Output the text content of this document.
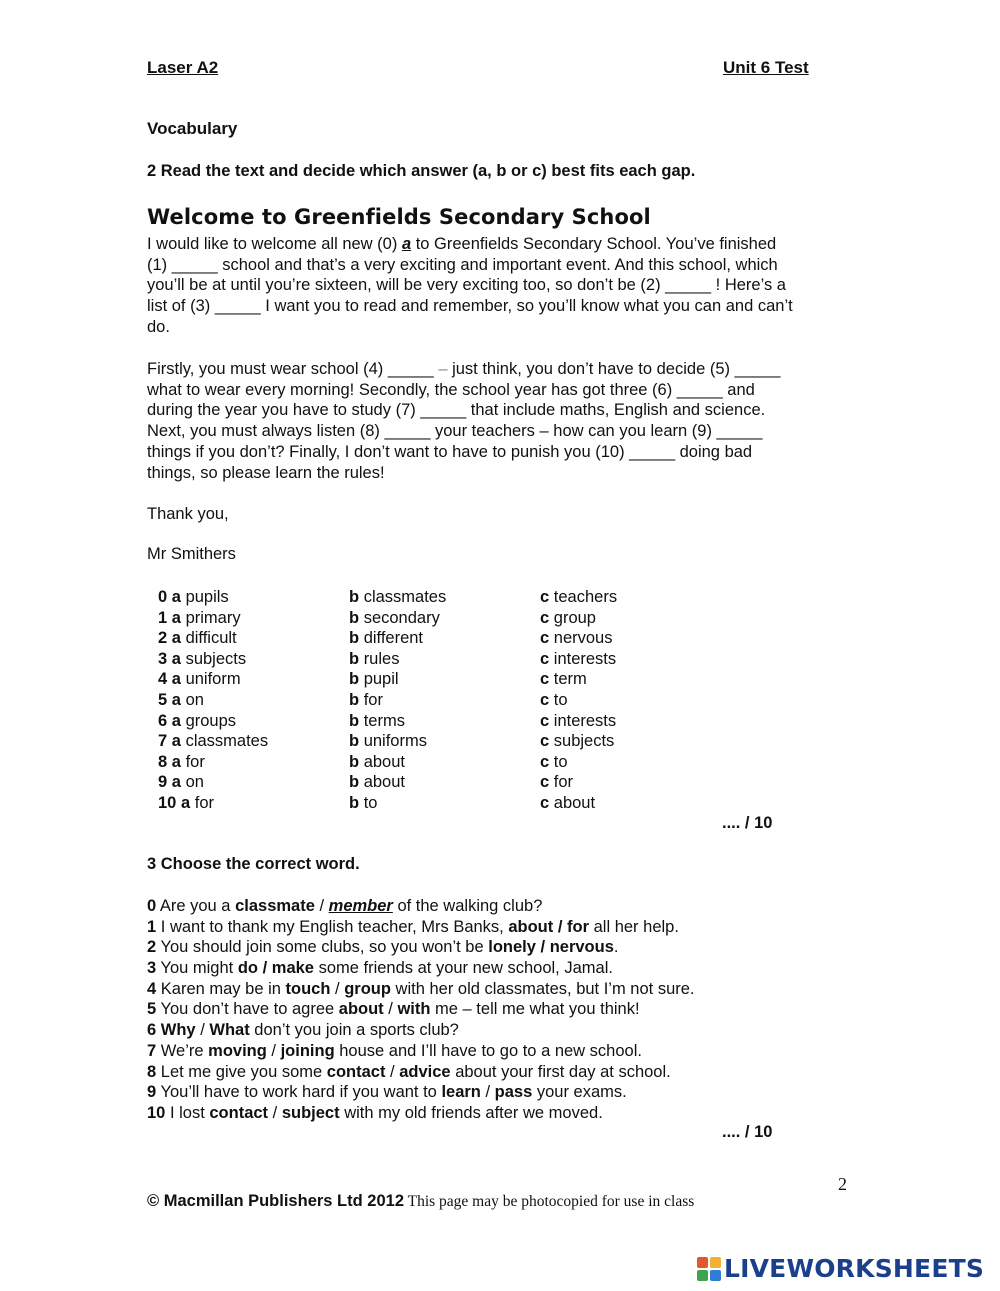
Laser A2	Unit 6 Test
Vocabulary
2 Read the text and decide which answer (a, b or c) best fits each gap.
Welcome to Greenfields Secondary School

I would like to welcome all new (0) a to Greenfields Secondary School. You’ve finished

(1) _____ school and that’s a very exciting and important event. And this school, which

you’ll be at until you’re sixteen, will be very exciting too, so don’t be (2) _____ ! Here’s a

list of (3) _____ I want you to read and remember, so you’ll know what you can and can’t

do.

Firstly, you must wear school (4) _____ – just think, you don’t have to decide (5) _____

what to wear every morning! Secondly, the school year has got three (6) _____ and

during the year you have to study (7) _____ that include maths, English and science.

Next, you must always listen (8) _____ your teachers – how can you learn (9) _____

things if you don’t? Finally, I don’t want to have to punish you (10) _____ doing bad

things, so please learn the rules!

Thank you,
Mr Smithers
0 a pupils	b classmates	c teachers
1 a primary	b secondary	c group
2 a difficult	b different	c nervous
3 a subjects	b rules	c interests
4 a uniform	b pupil	c term
5 a on	b for	c to
6 a groups	b terms	c interests
7 a classmates	b uniforms	c subjects
8 a for	b about	c to
9 a on	b about	c for
10 a for	b to	c about
.... / 10
3 Choose the correct word.
0 Are you a classmate / member of the walking club?
1 I want to thank my English teacher, Mrs Banks, about / for all her help.
2 You should join some clubs, so you won’t be lonely / nervous.
3 You might do / make some friends at your new school, Jamal.
4 Karen may be in touch / group with her old classmates, but I’m not sure.
5 You don’t have to agree about / with me – tell me what you think!
6 Why / What don’t you join a sports club?
7 We’re moving / joining house and I’ll have to go to a new school.
8 Let me give you some contact / advice about your first day at school.
9 You’ll have to work hard if you want to learn / pass your exams.
10 I lost contact / subject with my old friends after we moved.
.... / 10
2
© Macmillan Publishers Ltd 2012 This page may be photocopied for use in class
LIVEWORKSHEETS
